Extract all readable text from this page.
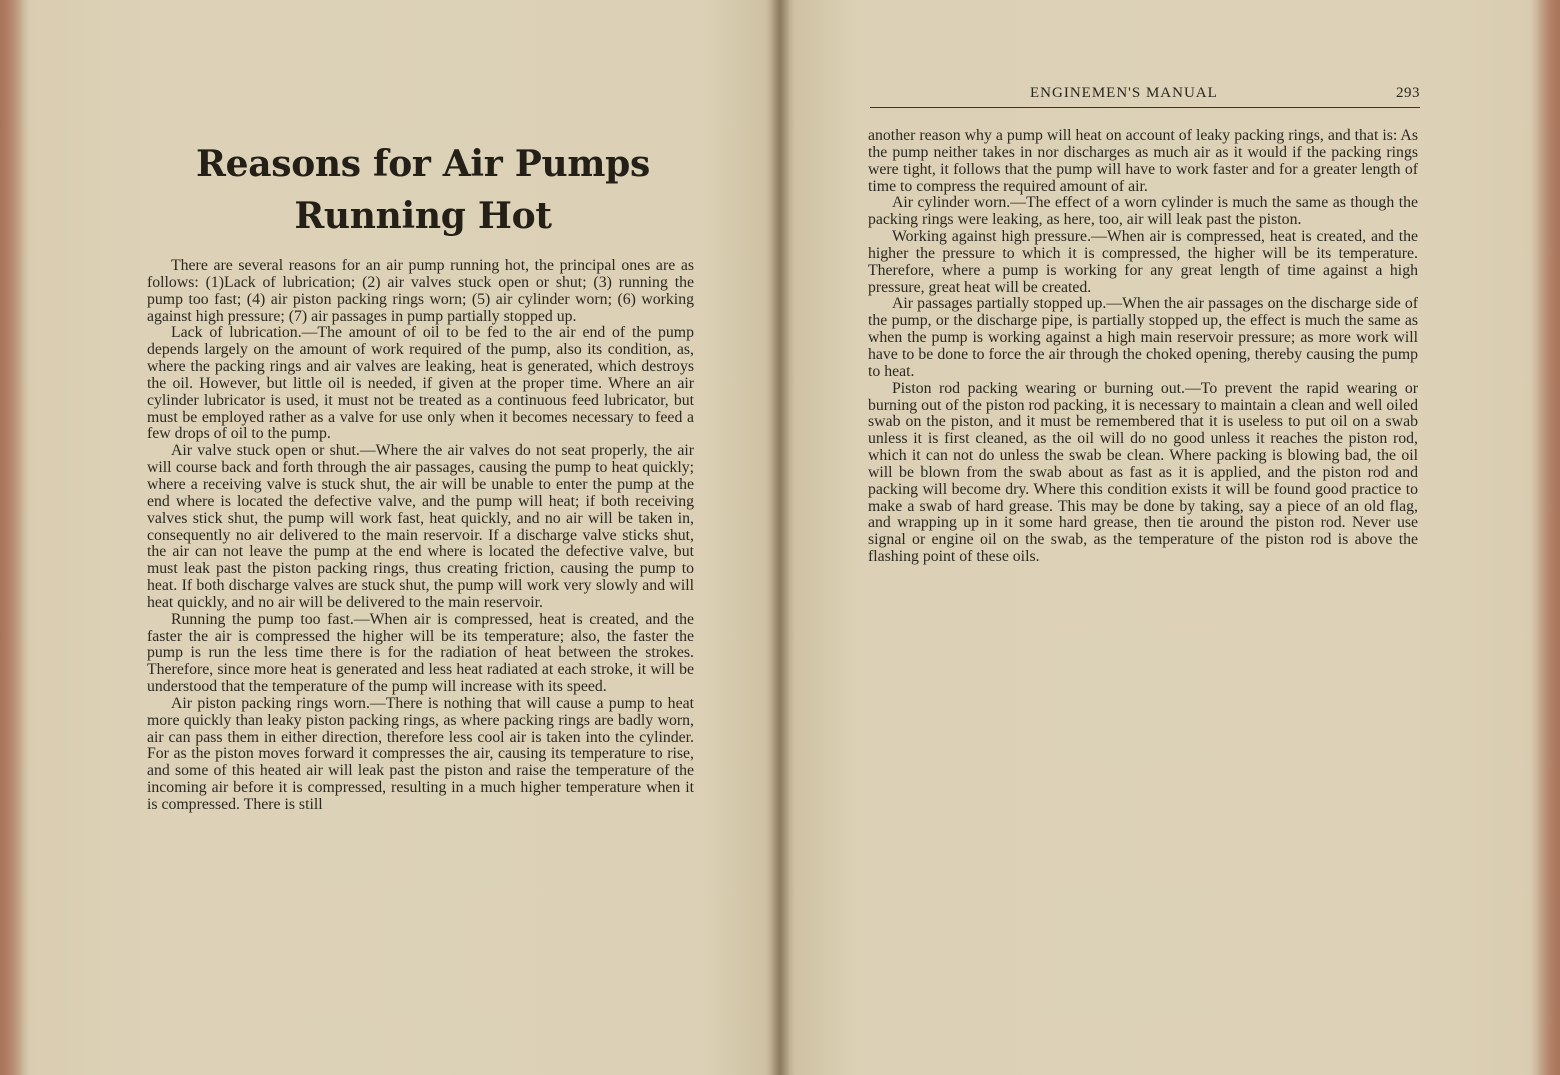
Reasons for Air Pumps
Running Hot

There are several reasons for an air pump running hot, the principal ones are as follows: (1)Lack of lubrication; (2) air valves stuck open or shut; (3) running the pump too fast; (4) air piston packing rings worn; (5) air cylinder worn; (6) working against high pressure; (7) air passages in pump partially stopped up.

Lack of lubrication.—The amount of oil to be fed to the air end of the pump depends largely on the amount of work required of the pump, also its condition, as, where the packing rings and air valves are leaking, heat is generated, which destroys the oil. However, but little oil is needed, if given at the proper time. Where an air cylinder lubricator is used, it must not be treated as a continuous feed lubricator, but must be employed rather as a valve for use only when it becomes necessary to feed a few drops of oil to the pump.

Air valve stuck open or shut.—Where the air valves do not seat properly, the air will course back and forth through the air passages, causing the pump to heat quickly; where a receiving valve is stuck shut, the air will be unable to enter the pump at the end where is located the defective valve, and the pump will heat; if both receiving valves stick shut, the pump will work fast, heat quickly, and no air will be taken in, consequently no air delivered to the main reservoir. If a discharge valve sticks shut, the air can not leave the pump at the end where is located the defective valve, but must leak past the piston packing rings, thus creating friction, causing the pump to heat. If both discharge valves are stuck shut, the pump will work very slowly and will heat quickly, and no air will be delivered to the main reservoir.

Running the pump too fast.—When air is compressed, heat is created, and the faster the air is compressed the higher will be its temperature; also, the faster the pump is run the less time there is for the radiation of heat between the strokes. Therefore, since more heat is generated and less heat radiated at each stroke, it will be understood that the temperature of the pump will increase with its speed.

Air piston packing rings worn.—There is nothing that will cause a pump to heat more quickly than leaky piston packing rings, as where packing rings are badly worn, air can pass them in either direction, therefore less cool air is taken into the cylinder. For as the piston moves forward it compresses the air, causing its temperature to rise, and some of this heated air will leak past the piston and raise the temperature of the incoming air before it is compressed, resulting in a much higher temperature when it is compressed. There is still

ENGINEMEN'S MANUAL	293

another reason why a pump will heat on account of leaky packing rings, and that is: As the pump neither takes in nor discharges as much air as it would if the packing rings were tight, it follows that the pump will have to work faster and for a greater length of time to compress the required amount of air.

Air cylinder worn.—The effect of a worn cylinder is much the same as though the packing rings were leaking, as here, too, air will leak past the piston.

Working against high pressure.—When air is compressed, heat is created, and the higher the pressure to which it is compressed, the higher will be its temperature. Therefore, where a pump is working for any great length of time against a high pressure, great heat will be created.

Air passages partially stopped up.—When the air passages on the discharge side of the pump, or the discharge pipe, is partially stopped up, the effect is much the same as when the pump is working against a high main reservoir pressure; as more work will have to be done to force the air through the choked opening, thereby causing the pump to heat.

Piston rod packing wearing or burning out.—To prevent the rapid wearing or burning out of the piston rod packing, it is necessary to maintain a clean and well oiled swab on the piston, and it must be remembered that it is useless to put oil on a swab unless it is first cleaned, as the oil will do no good unless it reaches the piston rod, which it can not do unless the swab be clean. Where packing is blowing bad, the oil will be blown from the swab about as fast as it is applied, and the piston rod and packing will become dry. Where this condition exists it will be found good practice to make a swab of hard grease. This may be done by taking, say a piece of an old flag, and wrapping up in it some hard grease, then tie around the piston rod. Never use signal or engine oil on the swab, as the temperature of the piston rod is above the flashing point of these oils.
